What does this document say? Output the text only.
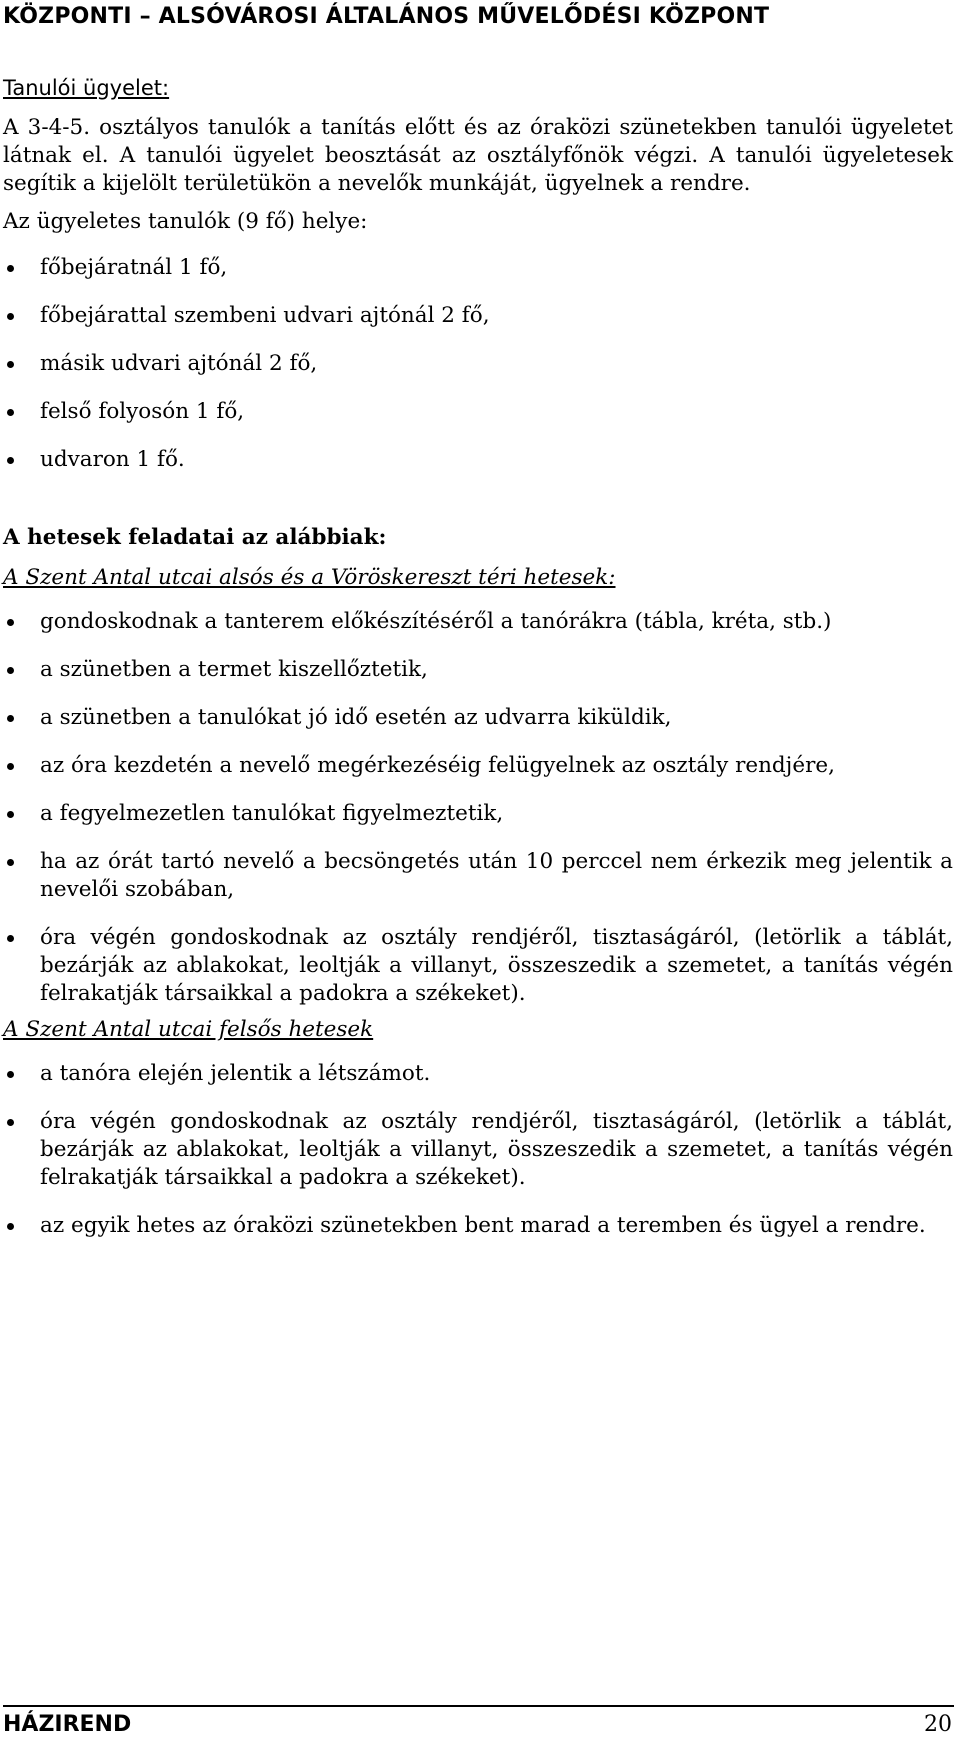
KÖZPONTI – ALSÓVÁROSI ÁLTALÁNOS MŰVELŐDÉSI KÖZPONT
Tanulói ügyelet:

A 3-4-5. osztályos tanulók a tanítás előtt és az óraközi szünetekben tanulói ügyeletet látnak el. A tanulói ügyelet beosztását az osztályfőnök végzi. A tanulói ügyeletesek segítik a kijelölt területükön a nevelők munkáját, ügyelnek a rendre.

Az ügyeletes tanulók (9 fő) helye:

főbejáratnál 1 fő,
főbejárattal szembeni udvari ajtónál 2 fő,
másik udvari ajtónál 2 fő,
felső folyosón 1 fő,
udvaron 1 fő.
A hetesek feladatai az alábbiak:
A Szent Antal utcai alsós és a Vöröskereszt téri hetesek:
gondoskodnak a tanterem előkészítéséről a tanórákra (tábla, kréta, stb.)
a szünetben a termet kiszellőztetik,
a szünetben a tanulókat jó idő esetén az udvarra kiküldik,
az óra kezdetén a nevelő megérkezéséig felügyelnek az osztály rendjére,
a fegyelmezetlen tanulókat figyelmeztetik,
ha az órát tartó nevelő a becsöngetés után 10 perccel nem érkezik meg jelentik a nevelői szobában,
óra végén gondoskodnak az osztály rendjéről, tisztaságáról, (letörlik a táblát, bezárják az ablakokat, leoltják a villanyt, összeszedik a szemetet, a tanítás végén felrakatják társaikkal a padokra a székeket).
A Szent Antal utcai felsős hetesek
a tanóra elején jelentik a létszámot.
óra végén gondoskodnak az osztály rendjéről, tisztaságáról, (letörlik a táblát, bezárják az ablakokat, leoltják a villanyt, összeszedik a szemetet, a tanítás végén felrakatják társaikkal a padokra a székeket).
az egyik hetes az óraközi szünetekben bent marad a teremben és ügyel a rendre.
HÁZIREND	20
